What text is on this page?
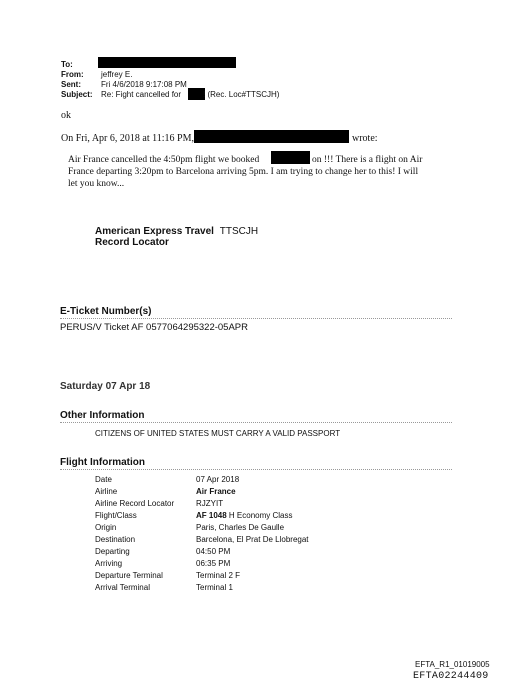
To:
From: jeffrey E.
Sent:	Fri 4/6/2018 9:17:08 PM
Subject: Re: Fight cancelled for	! (Rec. Loc#TTSCJH)
ok
On Fri, Apr 6, 2018 at 11:16 PM,	wrote:
Air France cancelled the 4:50pm flight we booked	on !!! There is a flight on Air
France departing 3:20pm to Barcelona arriving 5pm. I am trying to change her to this! I will
let you know...
American Express Travel TTSCJH
Record Locator
E-Ticket Number(s)
PERUS/V Ticket AF 0577064295322-05APR
Saturday 07 Apr 18
Other Information
CITIZENS OF UNITED STATES MUST CARRY A VALID PASSPORT
Flight Information
Date	07 Apr 2018
Airline	Air France
Airline Record Locator	RJZYIT
Flight/Class	AF 1048 H Economy Class
Origin	Paris, Charles De Gaulle
Destination	Barcelona, El Prat De Llobregat
Departing	04:50 PM
Arriving	06:35 PM
Departure Terminal	Terminal 2 F
Arrival Terminal	Terminal 1
EFTA_R1_01019005
EFTA02244409
